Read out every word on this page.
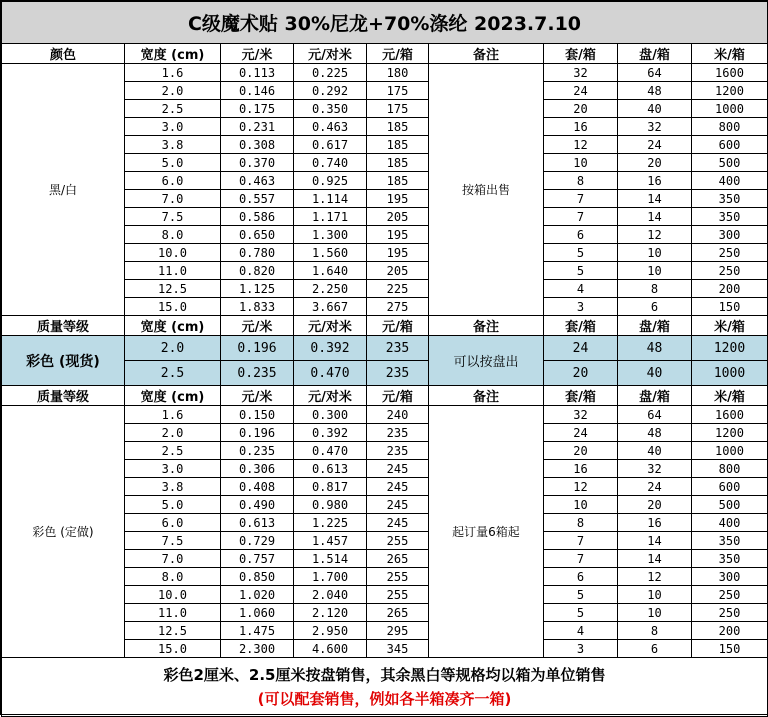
C级魔术贴 30%尼龙+70%涤纶 2023.7.10								
颜色	宽度 (cm)	元/米	元/对米	元/箱	备注	套/箱	盘/箱	米/箱
黑/白	1.6	0.113	0.225	180	按箱出售	32	64	1600
	2.0	0.146	0.292	175		24	48	1200
	2.5	0.175	0.350	175		20	40	1000
	3.0	0.231	0.463	185		16	32	800
	3.8	0.308	0.617	185		12	24	600
	5.0	0.370	0.740	185		10	20	500
	6.0	0.463	0.925	185		8	16	400
	7.0	0.557	1.114	195		7	14	350
	7.5	0.586	1.171	205		7	14	350
	8.0	0.650	1.300	195		6	12	300
	10.0	0.780	1.560	195		5	10	250
	11.0	0.820	1.640	205		5	10	250
	12.5	1.125	2.250	225		4	8	200
	15.0	1.833	3.667	275		3	6	150
质量等级	宽度 (cm)	元/米	元/对米	元/箱	备注	套/箱	盘/箱	米/箱
彩色 (现货)	2.0	0.196	0.392	235	可以按盘出	24	48	1200
	2.5	0.235	0.470	235		20	40	1000
质量等级	宽度 (cm)	元/米	元/对米	元/箱	备注	套/箱	盘/箱	米/箱
彩色 (定做)	1.6	0.150	0.300	240	起订量6箱起	32	64	1600
	2.0	0.196	0.392	235		24	48	1200
	2.5	0.235	0.470	235		20	40	1000
	3.0	0.306	0.613	245		16	32	800
	3.8	0.408	0.817	245		12	24	600
	5.0	0.490	0.980	245		10	20	500
	6.0	0.613	1.225	245		8	16	400
	7.5	0.729	1.457	255		7	14	350
	7.0	0.757	1.514	265		7	14	350
	8.0	0.850	1.700	255		6	12	300
	10.0	1.020	2.040	255		5	10	250
	11.0	1.060	2.120	265		5	10	250
	12.5	1.475	2.950	295		4	8	200
	15.0	2.300	4.600	345		3	6	150

彩色2厘米、2.5厘米按盘销售，其余黑白等规格均以箱为单位销售
(可以配套销售，例如各半箱凑齐一箱)								
